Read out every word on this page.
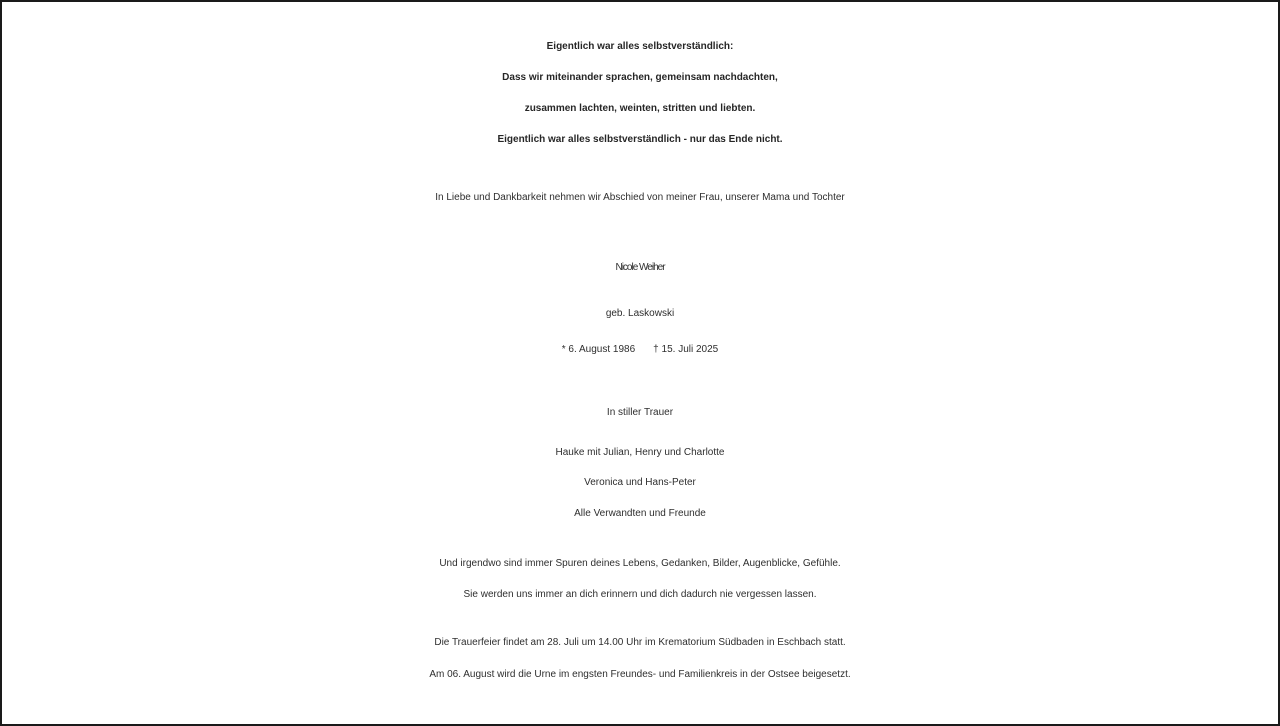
Eigentlich war alles selbstverständlich:

Dass wir miteinander sprachen, gemeinsam nachdachten,

zusammen lachten, weinten, stritten und liebten.

Eigentlich war alles selbstverständlich - nur das Ende nicht.

In Liebe und Dankbarkeit nehmen wir Abschied von meiner Frau, unserer Mama und Tochter

Nicole Weiher

geb. Laskowski

* 6. August 1986 † 15. Juli 2025

In stiller Trauer

Hauke mit Julian, Henry und Charlotte

Veronica und Hans-Peter

Alle Verwandten und Freunde

Und irgendwo sind immer Spuren deines Lebens, Gedanken, Bilder, Augenblicke, Gefühle.

Sie werden uns immer an dich erinnern und dich dadurch nie vergessen lassen.

Die Trauerfeier findet am 28. Juli um 14.00 Uhr im Krematorium Südbaden in Eschbach statt.

Am 06. August wird die Urne im engsten Freundes- und Familienkreis in der Ostsee beigesetzt.
